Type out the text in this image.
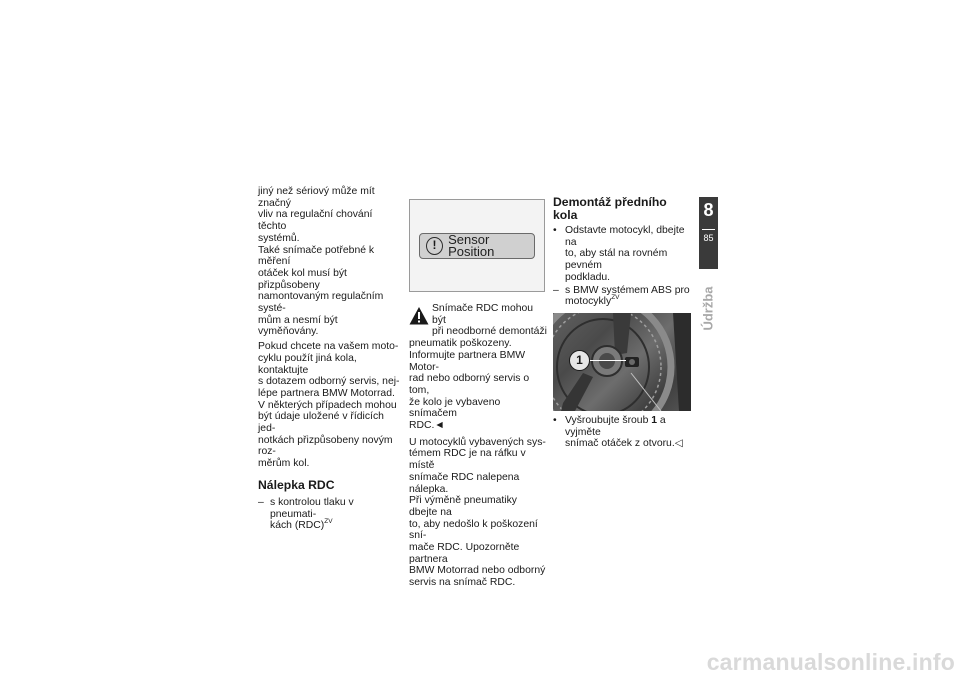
jiný než sériový může mít značný
vliv na regulační chování těchto
systémů.
Také snímače potřebné k měření
otáček kol musí být přizpůsobeny
namontovaným regulačním systé-
mům a nesmí být vyměňovány.
Pokud chcete na vašem moto-
cyklu použít jiná kola, kontaktujte
s dotazem odborný servis, nej-
lépe partnera BMW Motorrad.
V některých případech mohou
být údaje uložené v řídicích jed-
notkách přizpůsobeny novým roz-
měrům kol.
Nálepka RDC
– s kontrolou tlaku v pneumati-
kách (RDC)$^{ZV}$
! Sensor Position
Snímače RDC mohou být
při neodborné demontáži
pneumatik poškozeny.
Informujte partnera BMW Motor-
rad nebo odborný servis o tom,
že kolo je vybaveno snímačem
RDC.◄
U motocyklů vybavených sys-
témem RDC je na ráfku v místě
snímače RDC nalepena nálepka.
Při výměně pneumatiky dbejte na
to, aby nedošlo k poškození sní-
mače RDC. Upozorněte partnera
BMW Motorrad nebo odborný
servis na snímač RDC.
Demontáž předního kola
• Odstavte motocykl, dbejte na
to, aby stál na rovném pevném
podkladu.
– s BMW systémem ABS pro
motocykly$^{ZV}$
1
• Vyšroubujte šroub 1 a vyjměte
snímač otáček z otvoru.◁
8
85
Údržba
carmanualsonline.info
